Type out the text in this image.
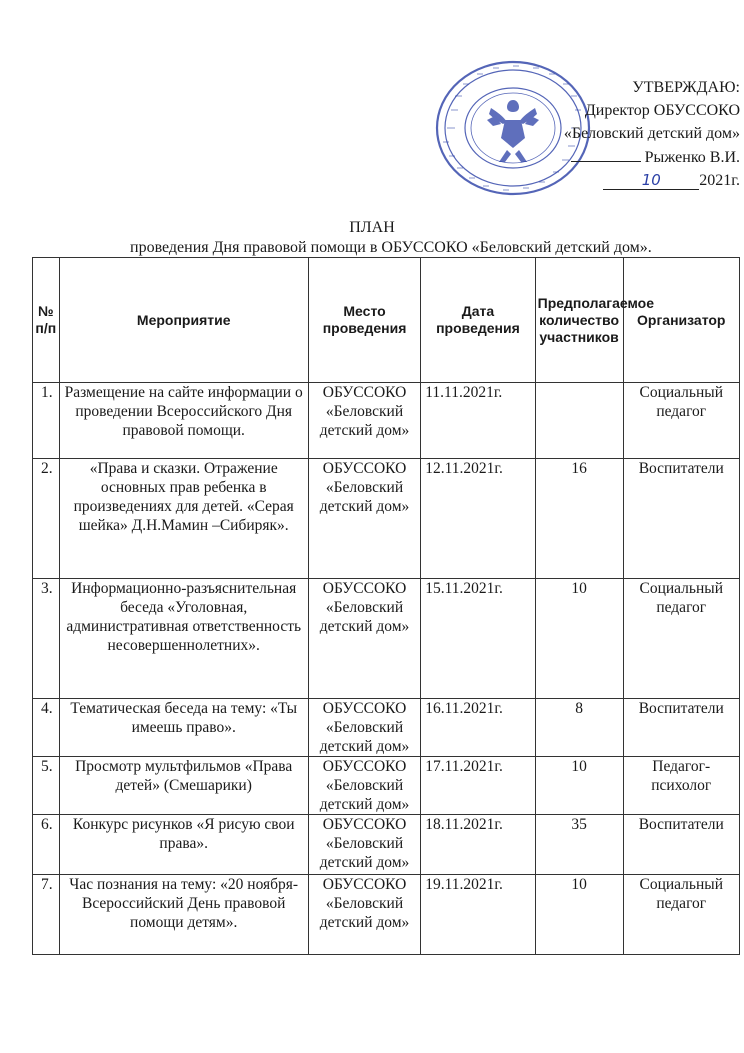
УТВЕРЖДАЮ:
Директор ОБУССОКО
«Беловский детский дом»
Рыженко В.И.
10 2021г.
ПЛАН
проведения Дня правовой помощи в ОБУССОКО «Беловский детский дом».
№ п/п	Мероприятие	Место проведения	Дата проведения	Предполагаемое количество участников	Организатор
1.	Размещение на сайте информации о проведении Всероссийского Дня правовой помощи.	ОБУССОКО «Беловский детский дом»	11.11.2021г.		Социальный педагог
2.	«Права и сказки. Отражение основных прав ребенка в произведениях для детей. «Серая шейка» Д.Н.Мамин –Сибиряк».	ОБУССОКО «Беловский детский дом»	12.11.2021г.	16	Воспитатели
3.	Информационно-разъяснительная беседа «Уголовная, административная ответственность несовершеннолетних».	ОБУССОКО «Беловский детский дом»	15.11.2021г.	10	Социальный педагог
4.	Тематическая беседа на тему: «Ты имеешь право».	ОБУССОКО «Беловский детский дом»	16.11.2021г.	8	Воспитатели
5.	Просмотр мультфильмов «Права детей» (Смешарики)	ОБУССОКО «Беловский детский дом»	17.11.2021г.	10	Педагог-психолог
6.	Конкурс рисунков «Я рисую свои права».	ОБУССОКО «Беловский детский дом»	18.11.2021г.	35	Воспитатели
7.	Час познания на тему: «20 ноября-Всероссийский День правовой помощи детям».	ОБУССОКО «Беловский детский дом»	19.11.2021г.	10	Социальный педагог
